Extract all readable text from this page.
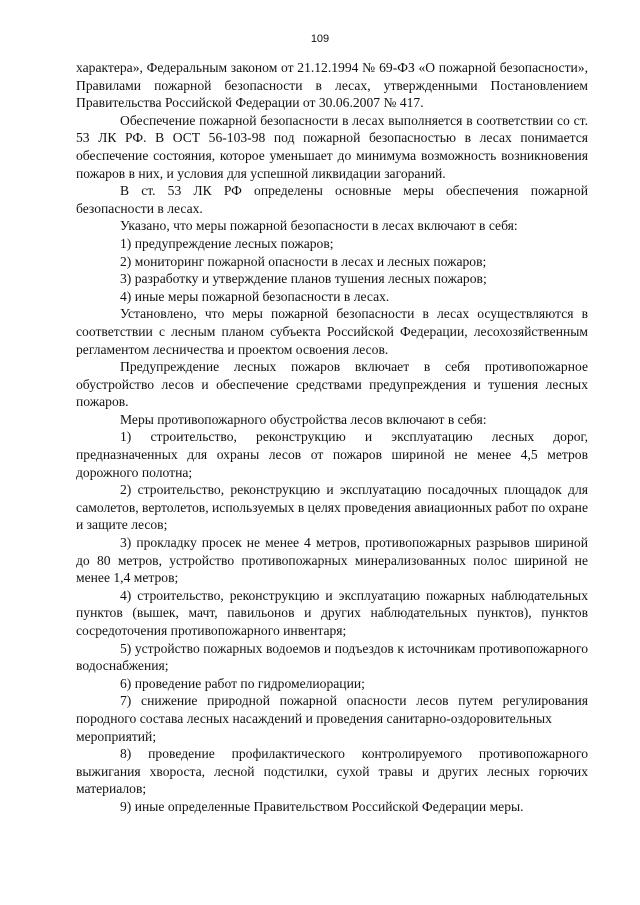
109

характера», Федеральным законом от 21.12.1994 № 69-ФЗ «О пожарной безопасности», Правилами пожарной безопасности в лесах, утвержденными Постановлением Правительства Российской Федерации от 30.06.2007 № 417.

Обеспечение пожарной безопасности в лесах выполняется в соответствии со ст. 53 ЛК РФ. В ОСТ 56-103-98 под пожарной безопасностью в лесах понимается обеспечение состояния, которое уменьшает до минимума возможность возникновения пожаров в них, и условия для успешной ликвидации загораний.

В ст. 53 ЛК РФ определены основные меры обеспечения пожарной безопасности в лесах.

Указано, что меры пожарной безопасности в лесах включают в себя:

1) предупреждение лесных пожаров;

2) мониторинг пожарной опасности в лесах и лесных пожаров;

3) разработку и утверждение планов тушения лесных пожаров;

4) иные меры пожарной безопасности в лесах.

Установлено, что меры пожарной безопасности в лесах осуществляются в соответствии с лесным планом субъекта Российской Федерации, лесохозяйственным регламентом лесничества и проектом освоения лесов.

Предупреждение лесных пожаров включает в себя противопожарное обустройство лесов и обеспечение средствами предупреждения и тушения лесных пожаров.

Меры противопожарного обустройства лесов включают в себя:

1) строительство, реконструкцию и эксплуатацию лесных дорог, предназначенных для охраны лесов от пожаров шириной не менее 4,5 метров дорожного полотна;

2) строительство, реконструкцию и эксплуатацию посадочных площадок для самолетов, вертолетов, используемых в целях проведения авиационных работ по охране и защите лесов;

3) прокладку просек не менее 4 метров, противопожарных разрывов шириной до 80 метров, устройство противопожарных минерализованных полос шириной не менее 1,4 метров;

4) строительство, реконструкцию и эксплуатацию пожарных наблюдательных пунктов (вышек, мачт, павильонов и других наблюдательных пунктов), пунктов сосредоточения противопожарного инвентаря;

5) устройство пожарных водоемов и подъездов к источникам противопожарного водоснабжения;

6) проведение работ по гидромелиорации;

7) снижение природной пожарной опасности лесов путем регулирования породного состава лесных насаждений и проведения санитарно-оздоровительных

мероприятий;

8) проведение профилактического контролируемого противопожарного выжигания хвороста, лесной подстилки, сухой травы и других лесных горючих материалов;

9) иные определенные Правительством Российской Федерации меры.
